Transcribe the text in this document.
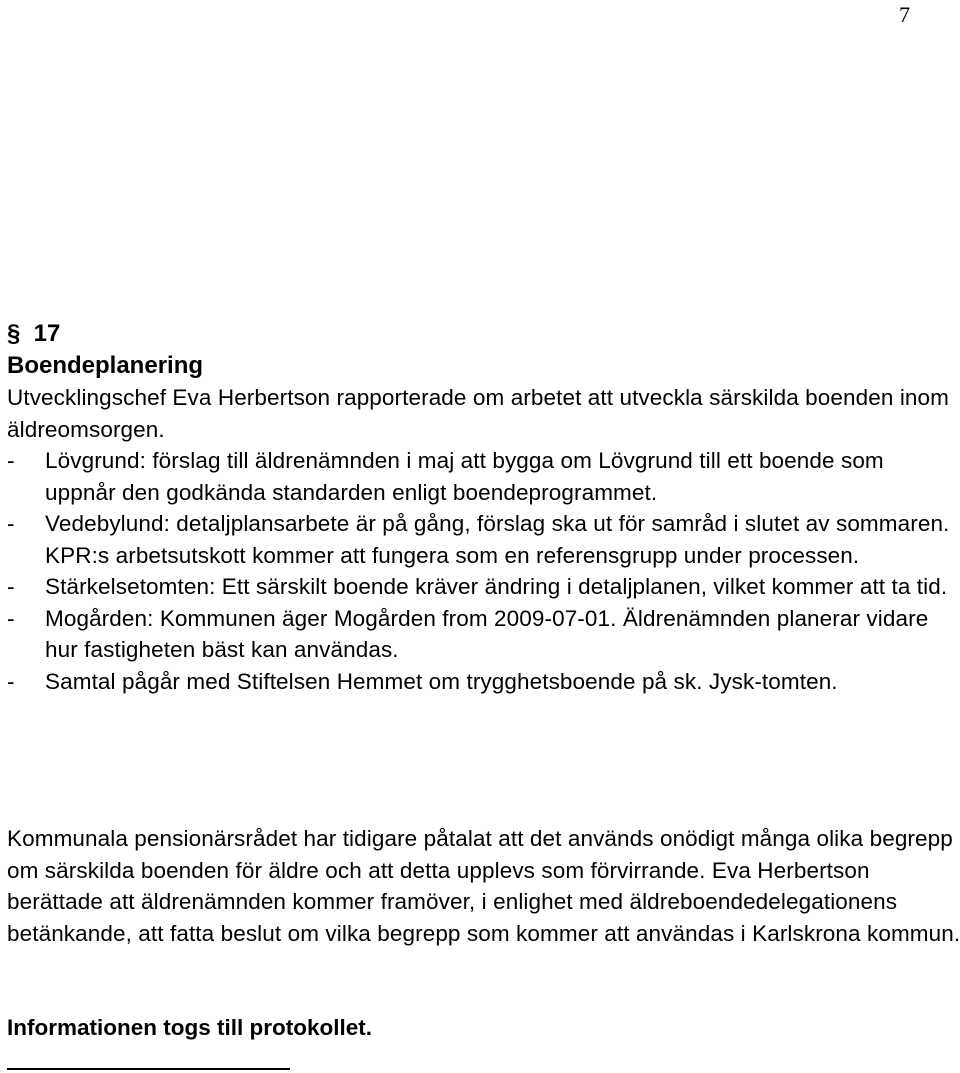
7
§ 17
Boendeplanering

Utvecklingschef Eva Herbertson rapporterade om arbetet att utveckla särskilda boenden inom äldreomsorgen.

- Lövgrund: förslag till äldrenämnden i maj att bygga om Lövgrund till ett boende som uppnår den godkända standarden enligt boendeprogrammet.
- Vedebylund: detaljplansarbete är på gång, förslag ska ut för samråd i slutet av sommaren. KPR:s arbetsutskott kommer att fungera som en referensgrupp under processen.
- Stärkelsetomten: Ett särskilt boende kräver ändring i detaljplanen, vilket kommer att ta tid.
- Mogården: Kommunen äger Mogården from 2009-07-01. Äldrenämnden planerar vidare hur fastigheten bäst kan användas.
- Samtal pågår med Stiftelsen Hemmet om trygghetsboende på sk. Jysk-tomten.

Kommunala pensionärsrådet har tidigare påtalat att det används onödigt många olika begrepp om särskilda boenden för äldre och att detta upplevs som förvirrande. Eva Herbertson berättade att äldrenämnden kommer framöver, i enlighet med äldreboendedelegationens betänkande, att fatta beslut om vilka begrepp som kommer att användas i Karlskrona kommun.

Informationen togs till protokollet.
